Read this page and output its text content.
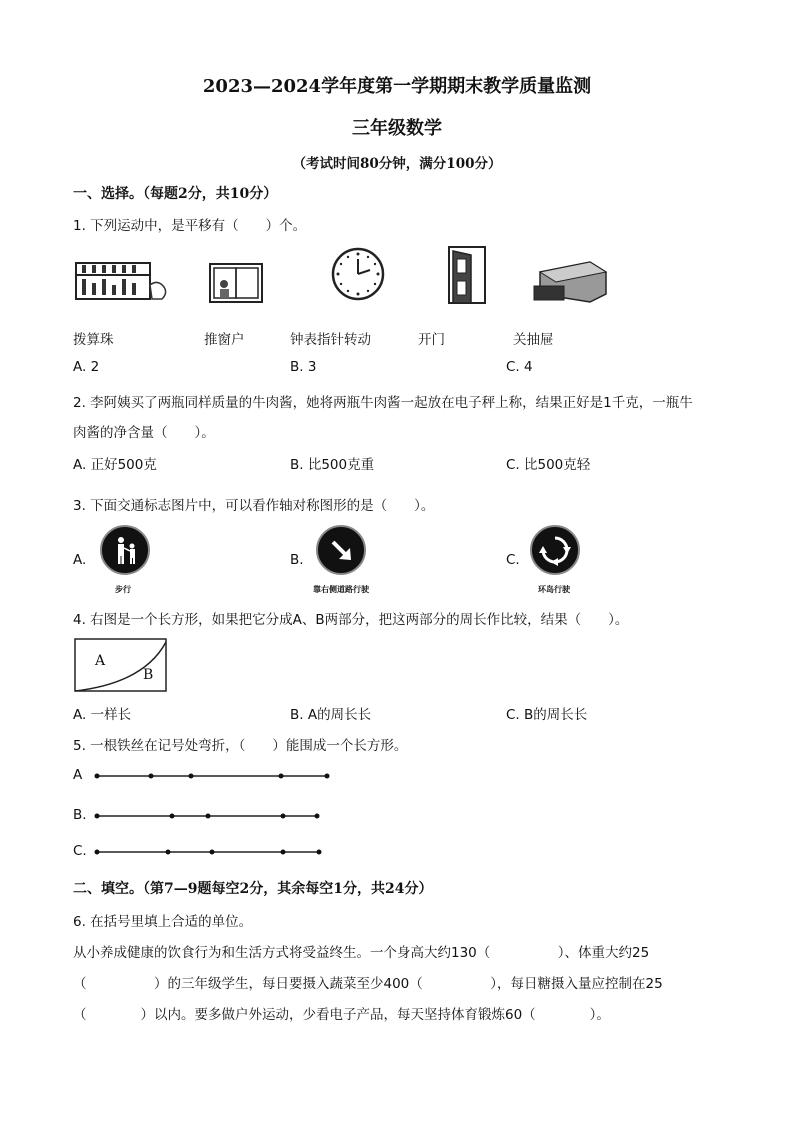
2023—2024学年度第一学期期末教学质量监测
三年级数学
（考试时间80分钟，满分100分）
一、选择。（每题2分，共10分）
1. 下列运动中，是平移有（　　）个。
拨算珠	推窗户	钟表指针转动	开门	关抽屉
A. 2	B. 3	C. 4
2. 李阿姨买了两瓶同样质量的牛肉酱，她将两瓶牛肉酱一起放在电子秤上称，结果正好是1千克，一瓶牛
肉酱的净含量（　　）。
A. 正好500克	B. 比500克重	C. 比500克轻
3. 下面交通标志图片中，可以看作轴对称图形的是（　　）。
A.
步行
B.
靠右侧道路行驶
C.
环岛行驶
4. 右图是一个长方形，如果把它分成A、B两部分，把这两部分的周长作比较，结果（　　）。
A
B
A. 一样长	B. A的周长长	C. B的周长长
5. 一根铁丝在记号处弯折，（　　）能围成一个长方形。
A
B.
C.
二、填空。（第7—9题每空2分，其余每空1分，共24分）
6. 在括号里填上合适的单位。
从小养成健康的饮食行为和生活方式将受益终生。一个身高大约130（　　　　　）、体重大约25
（　　　　　）的三年级学生，每日要摄入蔬菜至少400（　　　　　），每日糖摄入量应控制在25
（　　　　）以内。要多做户外运动，少看电子产品，每天坚持体育锻炼60（　　　　）。
